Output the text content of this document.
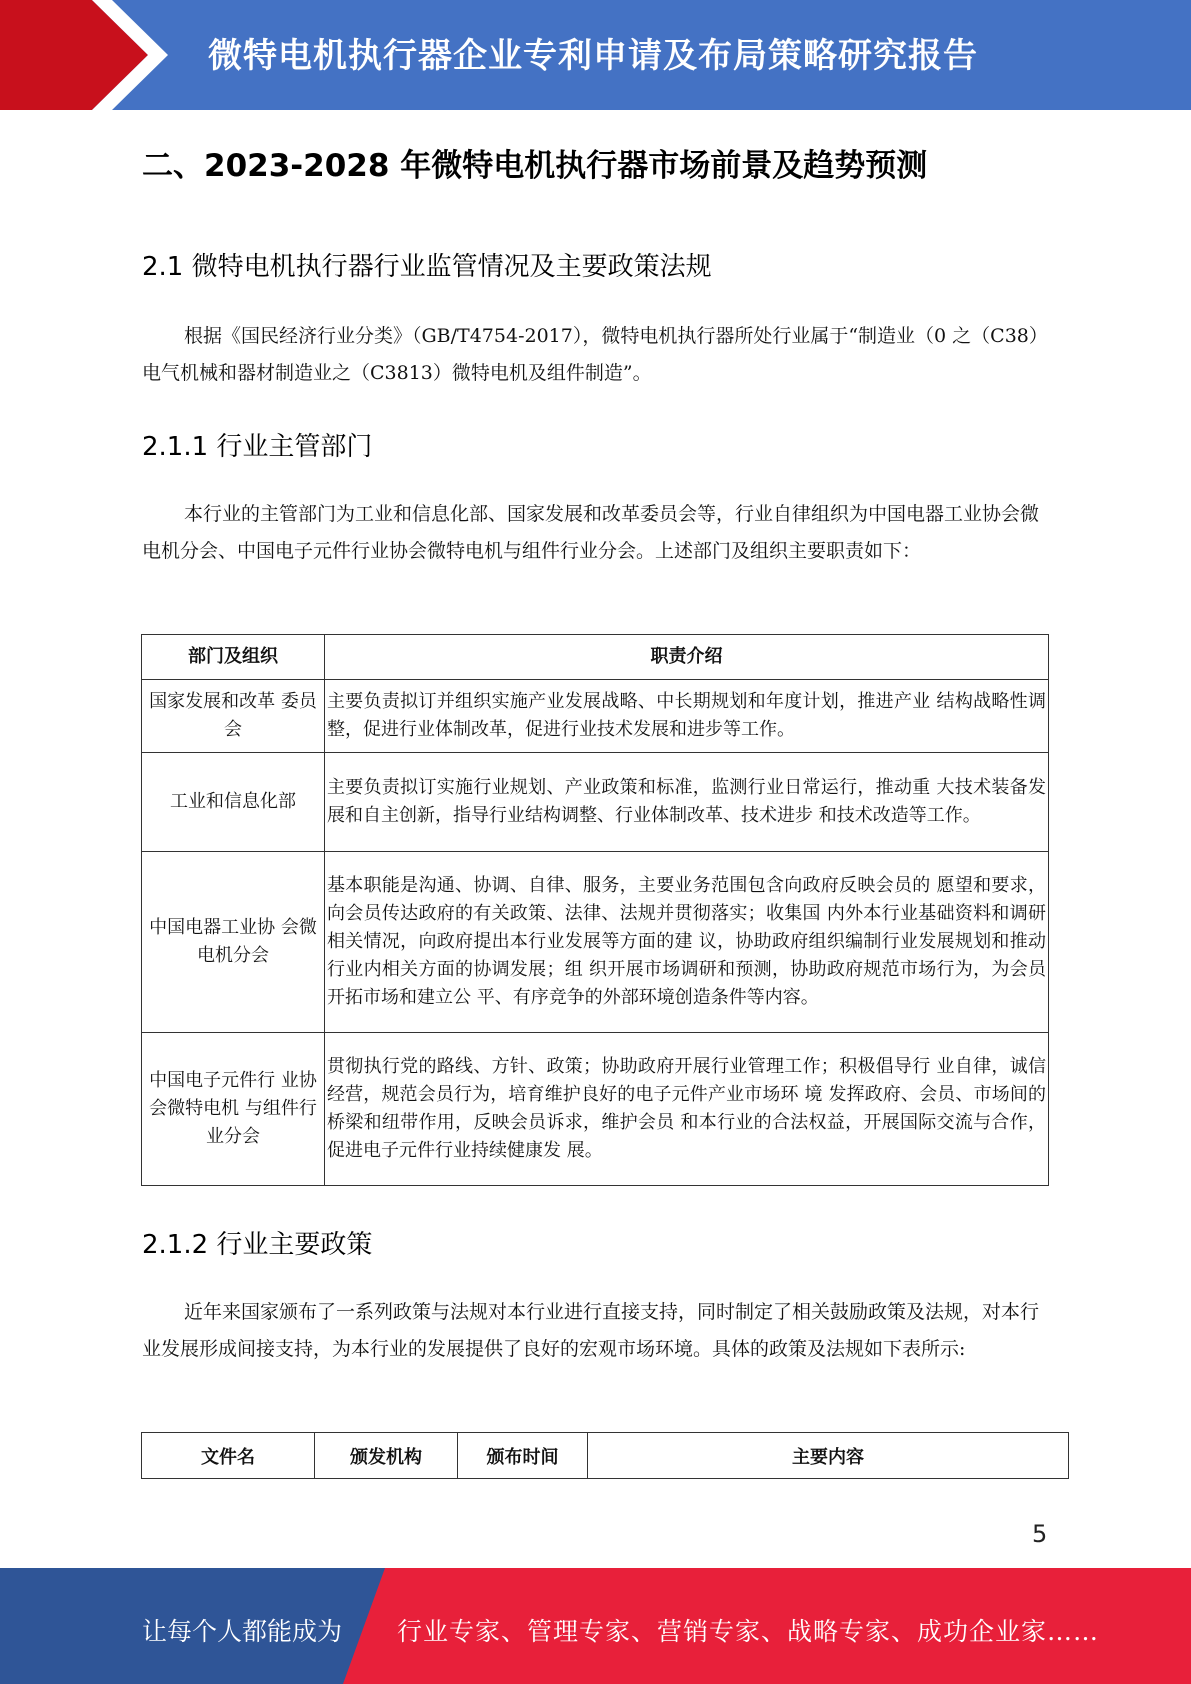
微特电机执行器企业专利申请及布局策略研究报告
二、2023-2028 年微特电机执行器市场前景及趋势预测
2.1 微特电机执行器行业监管情况及主要政策法规
根据《国民经济行业分类》（GB/T4754-2017），微特电机执行器所处行业属于“制造业（0 之（C38）电气机械和器材制造业之（C3813）微特电机及组件制造”。
2.1.1 行业主管部门
本行业的主管部门为工业和信息化部、国家发展和改革委员会等，行业自律组织为中国电器工业协会微电机分会、中国电子元件行业协会微特电机与组件行业分会。上述部门及组织主要职责如下：
部门及组织	职责介绍
国家发展和改革 委员会	主要负责拟订并组织实施产业发展战略、中长期规划和年度计划，推进产业 结构战略性调整，促进行业体制改革，促进行业技术发展和进步等工作。
工业和信息化部	主要负责拟订实施行业规划、产业政策和标准，监测行业日常运行，推动重 大技术装备发展和自主创新，指导行业结构调整、行业体制改革、技术进步 和技术改造等工作。
中国电器工业协 会微电机分会	基本职能是沟通、协调、自律、服务，主要业务范围包含向政府反映会员的 愿望和要求，向会员传达政府的有关政策、法律、法规并贯彻落实；收集国 内外本行业基础资料和调研相关情况，向政府提出本行业发展等方面的建 议，协助政府组织编制行业发展规划和推动行业内相关方面的协调发展；组 织开展市场调研和预测，协助政府规范市场行为，为会员开拓市场和建立公 平、有序竞争的外部环境创造条件等内容。
中国电子元件行 业协会微特电机 与组件行业分会	贯彻执行党的路线、方针、政策；协助政府开展行业管理工作；积极倡导行 业自律，诚信经营，规范会员行为，培育维护良好的电子元件产业市场环 境 发挥政府、会员、市场间的桥梁和纽带作用，反映会员诉求，维护会员 和本行业的合法权益，开展国际交流与合作，促进电子元件行业持续健康发 展。
2.1.2 行业主要政策
近年来国家颁布了一系列政策与法规对本行业进行直接支持，同时制定了相关鼓励政策及法规，对本行业发展形成间接支持，为本行业的发展提供了良好的宏观市场环境。具体的政策及法规如下表所示:
文件名	颁发机构	颁布时间	主要内容
5
让每个人都能成为 行业专家、管理专家、营销专家、战略专家、成功企业家……
